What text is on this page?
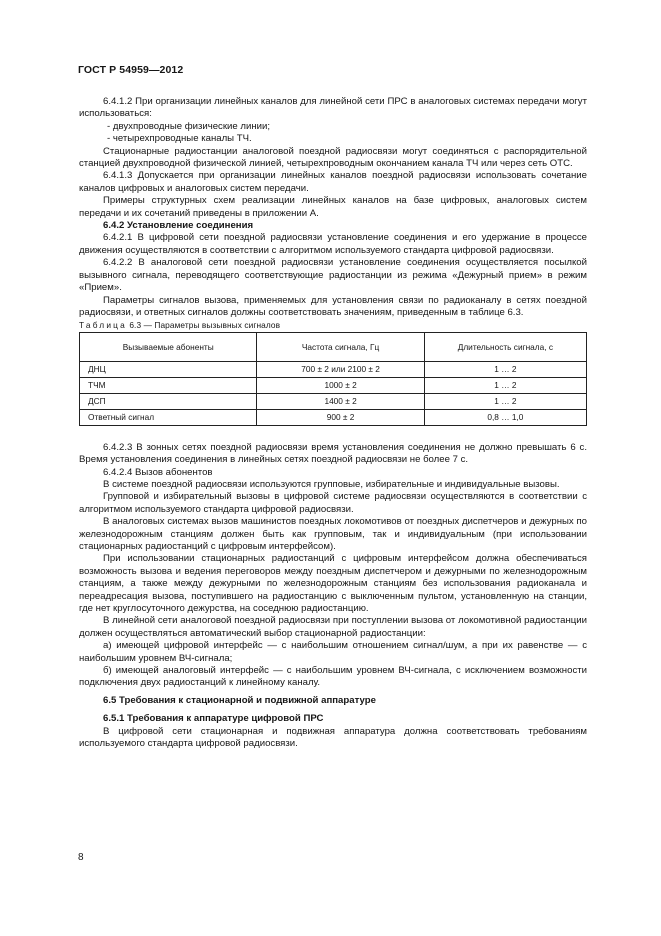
ГОСТ Р 54959—2012

6.4.1.2 При организации линейных каналов для линейной сети ПРС в аналоговых системах передачи могут использоваться:

- двухпроводные физические линии;

- четырехпроводные каналы ТЧ.

Стационарные радиостанции аналоговой поездной радиосвязи могут соединяться с распорядительной станцией двухпроводной физической линией, четырехпроводным окончанием канала ТЧ или через сеть ОТС.

6.4.1.3 Допускается при организации линейных каналов поездной радиосвязи использовать сочетание каналов цифровых и аналоговых систем передачи.

Примеры структурных схем реализации линейных каналов на базе цифровых, аналоговых систем передачи и их сочетаний приведены в приложении А.

6.4.2 Установление соединения

6.4.2.1 В цифровой сети поездной радиосвязи установление соединения и его удержание в процессе движения осуществляются в соответствии с алгоритмом используемого стандарта цифровой радиосвязи.

6.4.2.2 В аналоговой сети поездной радиосвязи установление соединения осуществляется посылкой вызывного сигнала, переводящего соответствующие радиостанции из режима «Дежурный прием» в режим «Прием».

Параметры сигналов вызова, применяемых для установления связи по радиоканалу в сетях поездной радиосвязи, и ответных сигналов должны соответствовать значениям, приведенным в таблице 6.3.

Таблица 6.3 — Параметры вызывных сигналов

Вызываемые абоненты	Частота сигнала, Гц	Длительность сигнала, с
ДНЦ	700 ± 2 или 2100 ± 2	1 … 2
ТЧМ	1000 ± 2	1 … 2
ДСП	1400 ± 2	1 … 2
Ответный сигнал	900 ± 2	0,8 … 1,0

6.4.2.3 В зонных сетях поездной радиосвязи время установления соединения не должно превышать 6 с. Время установления соединения в линейных сетях поездной радиосвязи не более 7 с.

6.4.2.4 Вызов абонентов

В системе поездной радиосвязи используются групповые, избирательные и индивидуальные вызовы.

Групповой и избирательный вызовы в цифровой системе радиосвязи осуществляются в соответствии с алгоритмом используемого стандарта цифровой радиосвязи.

В аналоговых системах вызов машинистов поездных локомотивов от поездных диспетчеров и дежурных по железнодорожным станциям должен быть как групповым, так и индивидуальным (при использовании стационарных радиостанций с цифровым интерфейсом).

При использовании стационарных радиостанций с цифровым интерфейсом должна обеспечиваться возможность вызова и ведения переговоров между поездным диспетчером и дежурными по железнодорожным станциям, а также между дежурными по железнодорожным станциям без использования радиоканала и переадресация вызова, поступившего на радиостанцию с выключенным пультом, установленную на станции, где нет круглосуточного дежурства, на соседнюю радиостанцию.

В линейной сети аналоговой поездной радиосвязи при поступлении вызова от локомотивной радиостанции должен осуществляться автоматический выбор стационарной радиостанции:

а) имеющей цифровой интерфейс — с наибольшим отношением сигнал/шум, а при их равенстве — с наибольшим уровнем ВЧ-сигнала;

б) имеющей аналоговый интерфейс — с наибольшим уровнем ВЧ-сигнала, с исключением возможности подключения двух радиостанций к линейному каналу.

6.5 Требования к стационарной и подвижной аппаратуре

6.5.1 Требования к аппаратуре цифровой ПРС

В цифровой сети стационарная и подвижная аппаратура должна соответствовать требованиям используемого стандарта цифровой радиосвязи.

8
